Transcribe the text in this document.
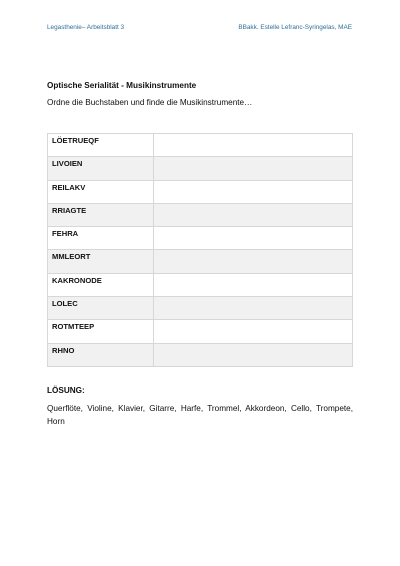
Legasthenie– Arbeitsblatt 3	BBakk. Estelle Lefranc-Syringelas, MAE
Optische Serialität - Musikinstrumente

Ordne die Buchstaben und finde die Musikinstrumente…

LÖETRUEQF	
LIVOIEN	
REILAKV	
RRIAGTE	
FEHRA	
MMLEORT	
KAKRONODE	
LOLEC	
ROTMTEEP	
RHNO	
LÖSUNG:

Querflöte, Violine, Klavier, Gitarre, Harfe, Trommel, Akkordeon, Cello, Trompete, Horn
